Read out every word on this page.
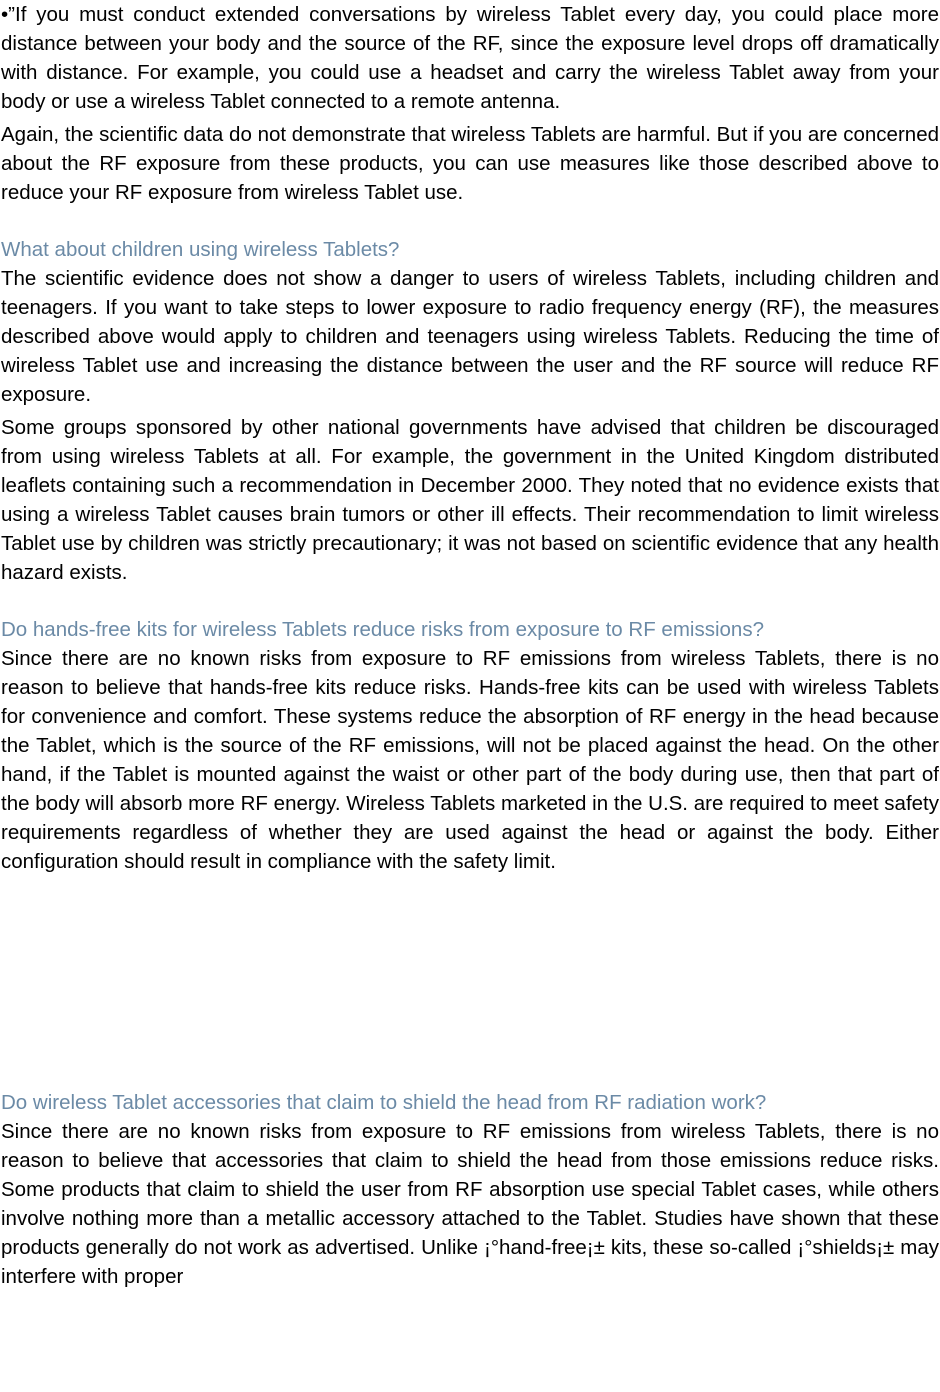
•”If you must conduct extended conversations by wireless Tablet every day, you could place more distance between your body and the source of the RF, since the exposure level drops off dramatically with distance. For example, you could use a headset and carry the wireless Tablet away from your body or use a wireless Tablet connected to a remote antenna.

Again, the scientific data do not demonstrate that wireless Tablets are harmful. But if you are concerned about the RF exposure from these products, you can use measures like those described above to reduce your RF exposure from wireless Tablet use.

What about children using wireless Tablets?

The scientific evidence does not show a danger to users of wireless Tablets, including children and teenagers. If you want to take steps to lower exposure to radio frequency energy (RF), the measures described above would apply to children and teenagers using wireless Tablets. Reducing the time of wireless Tablet use and increasing the distance between the user and the RF source will reduce RF exposure.

Some groups sponsored by other national governments have advised that children be discouraged from using wireless Tablets at all. For example, the government in the United Kingdom distributed leaflets containing such a recommendation in December 2000. They noted that no evidence exists that using a wireless Tablet causes brain tumors or other ill effects. Their recommendation to limit wireless Tablet use by children was strictly precautionary; it was not based on scientific evidence that any health hazard exists.

Do hands-free kits for wireless Tablets reduce risks from exposure to RF emissions?

Since there are no known risks from exposure to RF emissions from wireless Tablets, there is no reason to believe that hands-free kits reduce risks. Hands-free kits can be used with wireless Tablets for convenience and comfort. These systems reduce the absorption of RF energy in the head because the Tablet, which is the source of the RF emissions, will not be placed against the head. On the other hand, if the Tablet is mounted against the waist or other part of the body during use, then that part of the body will absorb more RF energy. Wireless Tablets marketed in the U.S. are required to meet safety requirements regardless of whether they are used against the head or against the body. Either configuration should result in compliance with the safety limit.

Do wireless Tablet accessories that claim to shield the head from RF radiation work?

Since there are no known risks from exposure to RF emissions from wireless Tablets, there is no reason to believe that accessories that claim to shield the head from those emissions reduce risks. Some products that claim to shield the user from RF absorption use special Tablet cases, while others involve nothing more than a metallic accessory attached to the Tablet. Studies have shown that these products generally do not work as advertised. Unlike ¡°hand-free¡± kits, these so-called ¡°shields¡± may interfere with proper
